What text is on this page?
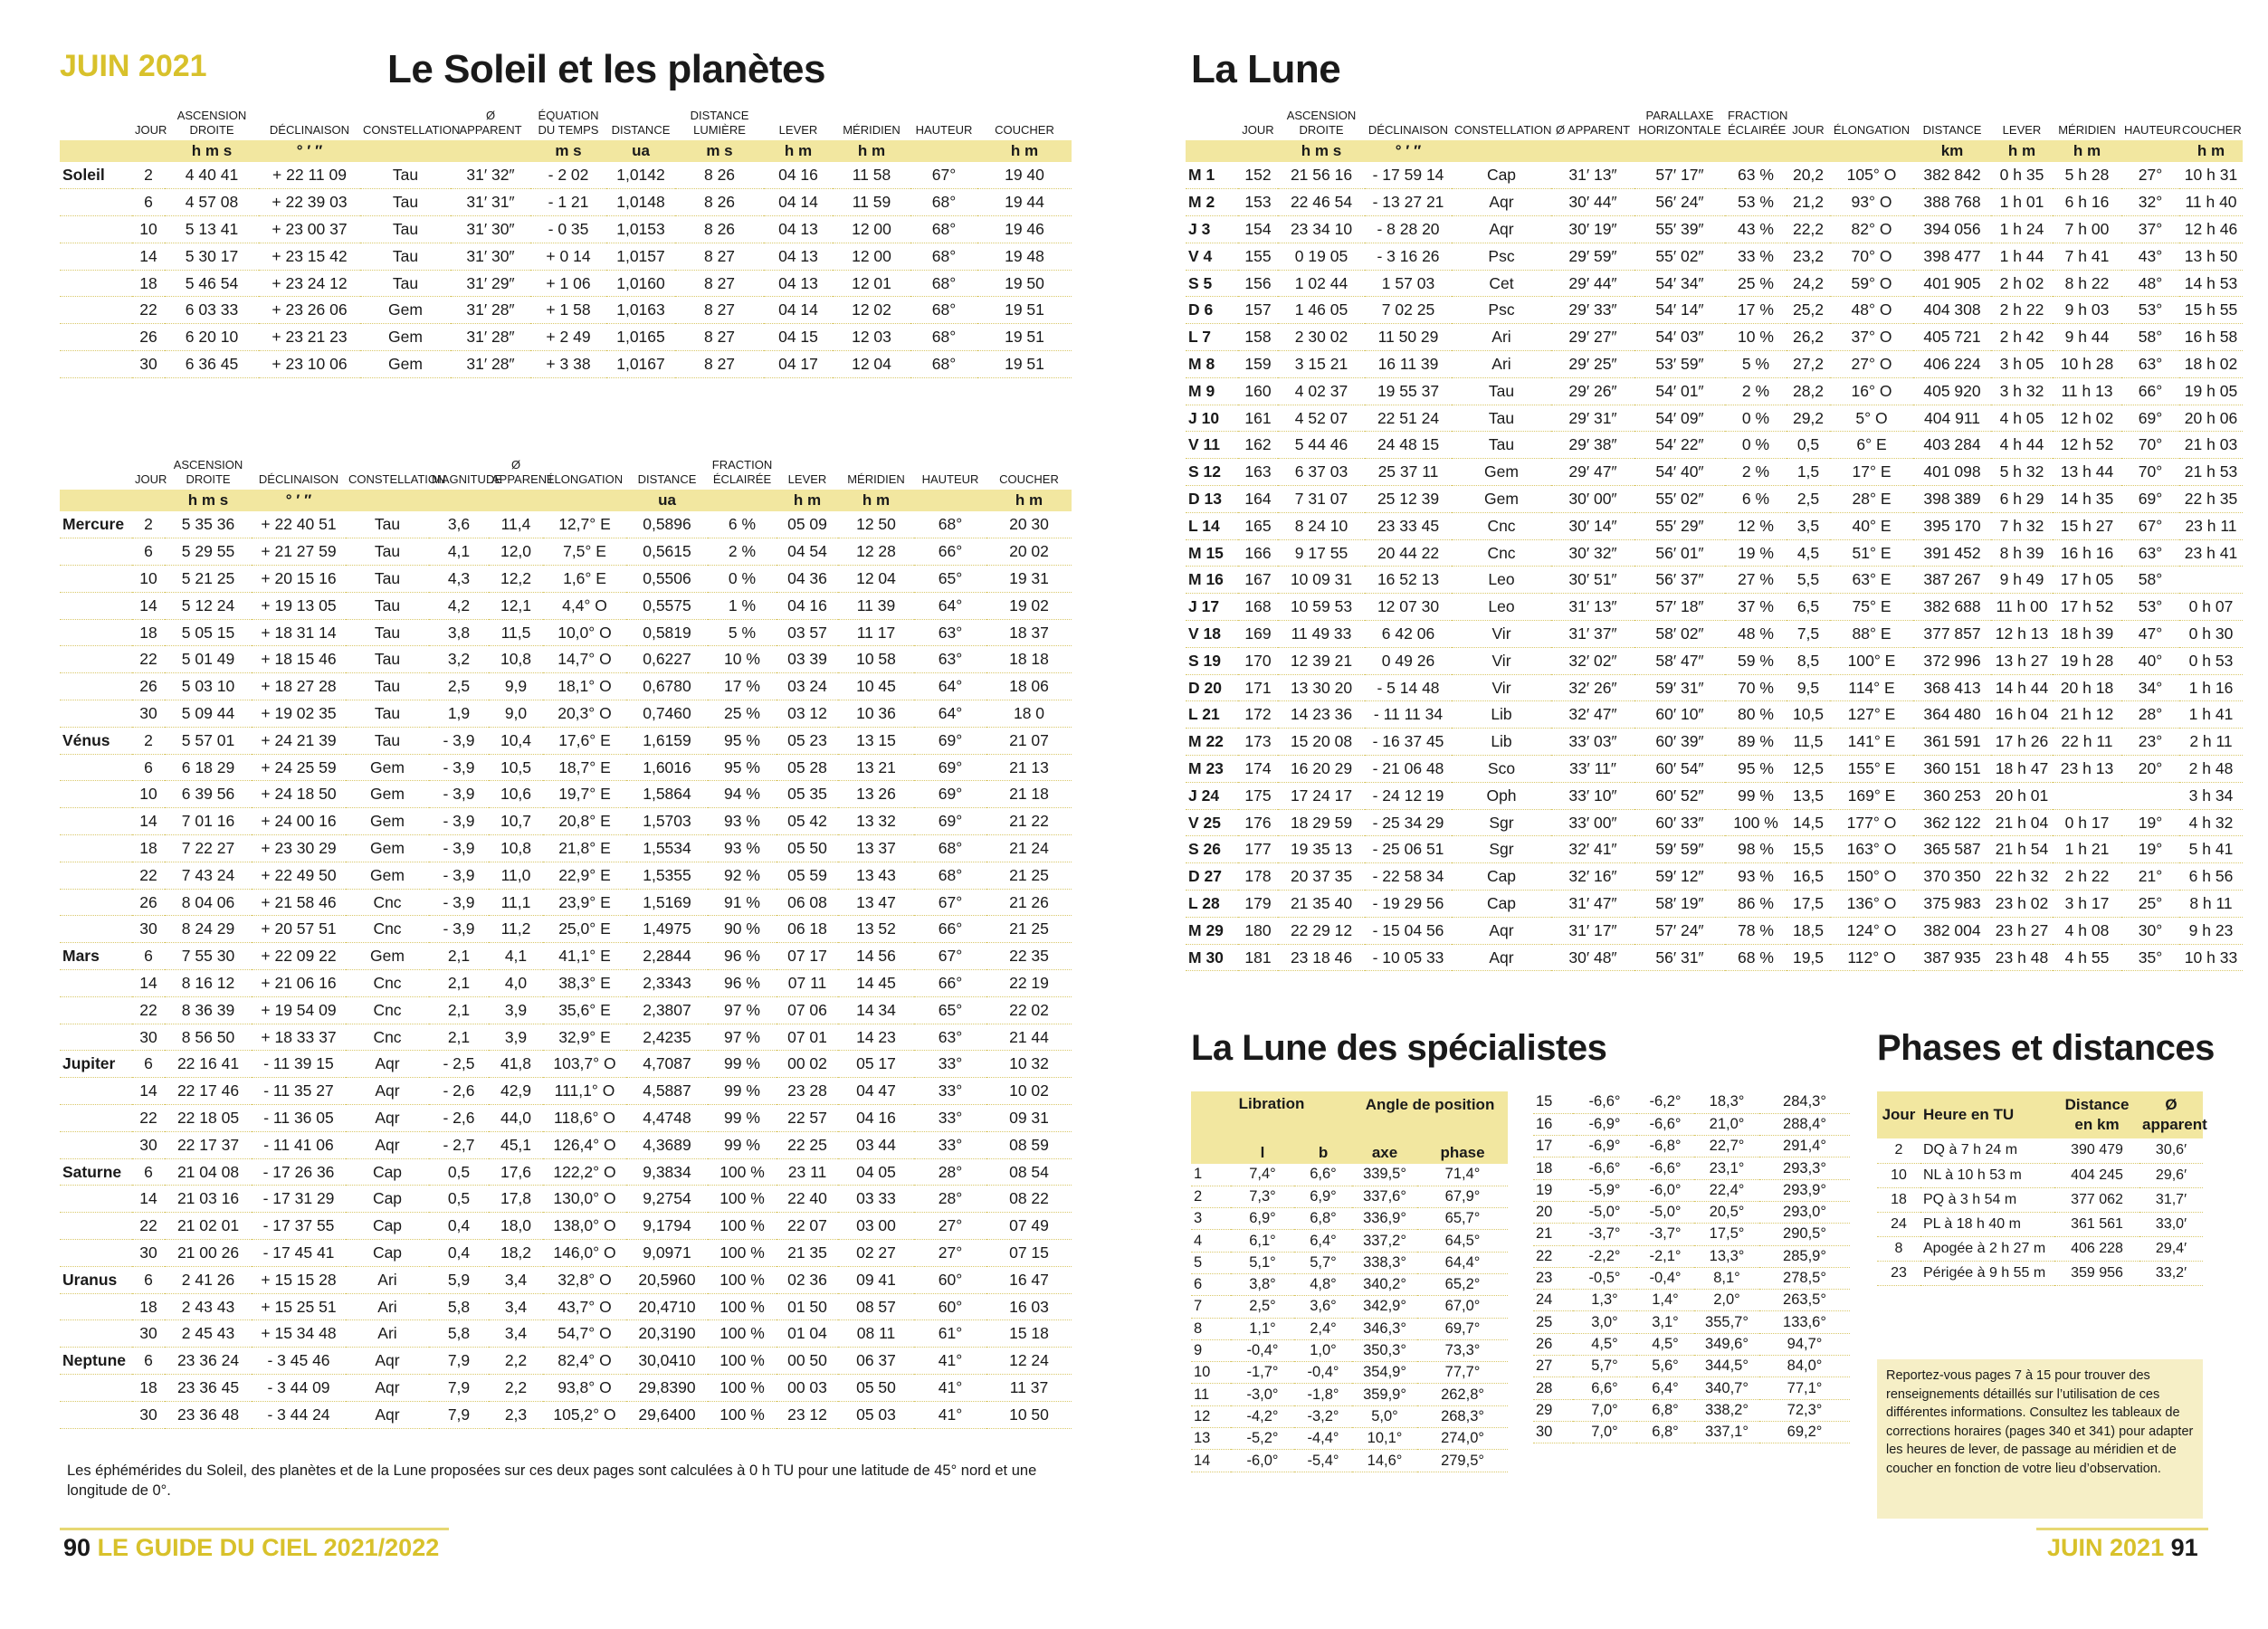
JUIN 2021	Le Soleil et les planètes
	JOUR	ASCENSION DROITE	DÉCLINAISON	CONSTELLATION	Ø APPARENT	ÉQUATION DU TEMPS	DISTANCE	DISTANCE LUMIÈRE	LEVER	MÉRIDIEN	HAUTEUR	COUCHER
		h m s	° ′ ″			m s	ua	m s	h m	h m		h m
Soleil	2	4 40 41	+ 22 11 09	Tau	31′ 32″	- 2 02	1,0142	8 26	04 16	11 58	67°	19 40
	6	4 57 08	+ 22 39 03	Tau	31′ 31″	- 1 21	1,0148	8 26	04 14	11 59	68°	19 44
	10	5 13 41	+ 23 00 37	Tau	31′ 30″	- 0 35	1,0153	8 26	04 13	12 00	68°	19 46
	14	5 30 17	+ 23 15 42	Tau	31′ 30″	+ 0 14	1,0157	8 27	04 13	12 00	68°	19 48
	18	5 46 54	+ 23 24 12	Tau	31′ 29″	+ 1 06	1,0160	8 27	04 13	12 01	68°	19 50
	22	6 03 33	+ 23 26 06	Gem	31′ 28″	+ 1 58	1,0163	8 27	04 14	12 02	68°	19 51
	26	6 20 10	+ 23 21 23	Gem	31′ 28″	+ 2 49	1,0165	8 27	04 15	12 03	68°	19 51
	30	6 36 45	+ 23 10 06	Gem	31′ 28″	+ 3 38	1,0167	8 27	04 17	12 04	68°	19 51
	JOUR	ASCENSION DROITE	DÉCLINAISON	CONSTELLATION	MAGNITUDE	Ø APPARENT	ÉLONGATION	DISTANCE	FRACTION ÉCLAIRÉE	LEVER	MÉRIDIEN	HAUTEUR	COUCHER
		h m s	° ′ ″					ua		h m	h m		h m
Mercure	2	5 35 36	+ 22 40 51	Tau	3,6	11,4	12,7° E	0,5896	6 %	05 09	12 50	68°	20 30
	6	5 29 55	+ 21 27 59	Tau	4,1	12,0	7,5° E	0,5615	2 %	04 54	12 28	66°	20 02
	10	5 21 25	+ 20 15 16	Tau	4,3	12,2	1,6° E	0,5506	0 %	04 36	12 04	65°	19 31
	14	5 12 24	+ 19 13 05	Tau	4,2	12,1	4,4° O	0,5575	1 %	04 16	11 39	64°	19 02
	18	5 05 15	+ 18 31 14	Tau	3,8	11,5	10,0° O	0,5819	5 %	03 57	11 17	63°	18 37
	22	5 01 49	+ 18 15 46	Tau	3,2	10,8	14,7° O	0,6227	10 %	03 39	10 58	63°	18 18
	26	5 03 10	+ 18 27 28	Tau	2,5	9,9	18,1° O	0,6780	17 %	03 24	10 45	64°	18 06
	30	5 09 44	+ 19 02 35	Tau	1,9	9,0	20,3° O	0,7460	25 %	03 12	10 36	64°	18 0
Vénus	2	5 57 01	+ 24 21 39	Tau	- 3,9	10,4	17,6° E	1,6159	95 %	05 23	13 15	69°	21 07
	6	6 18 29	+ 24 25 59	Gem	- 3,9	10,5	18,7° E	1,6016	95 %	05 28	13 21	69°	21 13
	10	6 39 56	+ 24 18 50	Gem	- 3,9	10,6	19,7° E	1,5864	94 %	05 35	13 26	69°	21 18
	14	7 01 16	+ 24 00 16	Gem	- 3,9	10,7	20,8° E	1,5703	93 %	05 42	13 32	69°	21 22
	18	7 22 27	+ 23 30 29	Gem	- 3,9	10,8	21,8° E	1,5534	93 %	05 50	13 37	68°	21 24
	22	7 43 24	+ 22 49 50	Gem	- 3,9	11,0	22,9° E	1,5355	92 %	05 59	13 43	68°	21 25
	26	8 04 06	+ 21 58 46	Cnc	- 3,9	11,1	23,9° E	1,5169	91 %	06 08	13 47	67°	21 26
	30	8 24 29	+ 20 57 51	Cnc	- 3,9	11,2	25,0° E	1,4975	90 %	06 18	13 52	66°	21 25
Mars	6	7 55 30	+ 22 09 22	Gem	2,1	4,1	41,1° E	2,2844	96 %	07 17	14 56	67°	22 35
	14	8 16 12	+ 21 06 16	Cnc	2,1	4,0	38,3° E	2,3343	96 %	07 11	14 45	66°	22 19
	22	8 36 39	+ 19 54 09	Cnc	2,1	3,9	35,6° E	2,3807	97 %	07 06	14 34	65°	22 02
	30	8 56 50	+ 18 33 37	Cnc	2,1	3,9	32,9° E	2,4235	97 %	07 01	14 23	63°	21 44
Jupiter	6	22 16 41	- 11 39 15	Aqr	- 2,5	41,8	103,7° O	4,7087	99 %	00 02	05 17	33°	10 32
	14	22 17 46	- 11 35 27	Aqr	- 2,6	42,9	111,1° O	4,5887	99 %	23 28	04 47	33°	10 02
	22	22 18 05	- 11 36 05	Aqr	- 2,6	44,0	118,6° O	4,4748	99 %	22 57	04 16	33°	09 31
	30	22 17 37	- 11 41 06	Aqr	- 2,7	45,1	126,4° O	4,3689	99 %	22 25	03 44	33°	08 59
Saturne	6	21 04 08	- 17 26 36	Cap	0,5	17,6	122,2° O	9,3834	100 %	23 11	04 05	28°	08 54
	14	21 03 16	- 17 31 29	Cap	0,5	17,8	130,0° O	9,2754	100 %	22 40	03 33	28°	08 22
	22	21 02 01	- 17 37 55	Cap	0,4	18,0	138,0° O	9,1794	100 %	22 07	03 00	27°	07 49
	30	21 00 26	- 17 45 41	Cap	0,4	18,2	146,0° O	9,0971	100 %	21 35	02 27	27°	07 15
Uranus	6	2 41 26	+ 15 15 28	Ari	5,9	3,4	32,8° O	20,5960	100 %	02 36	09 41	60°	16 47
	18	2 43 43	+ 15 25 51	Ari	5,8	3,4	43,7° O	20,4710	100 %	01 50	08 57	60°	16 03
	30	2 45 43	+ 15 34 48	Ari	5,8	3,4	54,7° O	20,3190	100 %	01 04	08 11	61°	15 18
Neptune	6	23 36 24	- 3 45 46	Aqr	7,9	2,2	82,4° O	30,0410	100 %	00 50	06 37	41°	12 24
	18	23 36 45	- 3 44 09	Aqr	7,9	2,2	93,8° O	29,8390	100 %	00 03	05 50	41°	11 37
	30	23 36 48	- 3 44 24	Aqr	7,9	2,3	105,2° O	29,6400	100 %	23 12	05 03	41°	10 50
Les éphémérides du Soleil, des planètes et de la Lune proposées sur ces deux pages sont calculées à 0 h TU pour une latitude de 45° nord et une longitude de 0°.
90 LE GUIDE DU CIEL 2021/2022
La Lune
	JOUR	ASCENSION DROITE	DÉCLINAISON	CONSTELLATION	Ø APPARENT	PARALLAXE HORIZONTALE	FRACTION ÉCLAIRÉE	JOUR	ÉLONGATION	DISTANCE	LEVER	MÉRIDIEN	HAUTEUR	COUCHER
		h m s	° ′ ″							km	h m	h m		h m
M 1	152	21 56 16	- 17 59 14	Cap	31′ 13″	57′ 17″	63 %	20,2	105° O	382 842	0 h 35	5 h 28	27°	10 h 31
M 2	153	22 46 54	- 13 27 21	Aqr	30′ 44″	56′ 24″	53 %	21,2	93° O	388 768	1 h 01	6 h 16	32°	11 h 40
J 3	154	23 34 10	- 8 28 20	Aqr	30′ 19″	55′ 39″	43 %	22,2	82° O	394 056	1 h 24	7 h 00	37°	12 h 46
V 4	155	0 19 05	- 3 16 26	Psc	29′ 59″	55′ 02″	33 %	23,2	70° O	398 477	1 h 44	7 h 41	43°	13 h 50
S 5	156	1 02 44	1 57 03	Cet	29′ 44″	54′ 34″	25 %	24,2	59° O	401 905	2 h 02	8 h 22	48°	14 h 53
D 6	157	1 46 05	7 02 25	Psc	29′ 33″	54′ 14″	17 %	25,2	48° O	404 308	2 h 22	9 h 03	53°	15 h 55
L 7	158	2 30 02	11 50 29	Ari	29′ 27″	54′ 03″	10 %	26,2	37° O	405 721	2 h 42	9 h 44	58°	16 h 58
M 8	159	3 15 21	16 11 39	Ari	29′ 25″	53′ 59″	5 %	27,2	27° O	406 224	3 h 05	10 h 28	63°	18 h 02
M 9	160	4 02 37	19 55 37	Tau	29′ 26″	54′ 01″	2 %	28,2	16° O	405 920	3 h 32	11 h 13	66°	19 h 05
J 10	161	4 52 07	22 51 24	Tau	29′ 31″	54′ 09″	0 %	29,2	5° O	404 911	4 h 05	12 h 02	69°	20 h 06
V 11	162	5 44 46	24 48 15	Tau	29′ 38″	54′ 22″	0 %	0,5	6° E	403 284	4 h 44	12 h 52	70°	21 h 03
S 12	163	6 37 03	25 37 11	Gem	29′ 47″	54′ 40″	2 %	1,5	17° E	401 098	5 h 32	13 h 44	70°	21 h 53
D 13	164	7 31 07	25 12 39	Gem	30′ 00″	55′ 02″	6 %	2,5	28° E	398 389	6 h 29	14 h 35	69°	22 h 35
L 14	165	8 24 10	23 33 45	Cnc	30′ 14″	55′ 29″	12 %	3,5	40° E	395 170	7 h 32	15 h 27	67°	23 h 11
M 15	166	9 17 55	20 44 22	Cnc	30′ 32″	56′ 01″	19 %	4,5	51° E	391 452	8 h 39	16 h 16	63°	23 h 41
M 16	167	10 09 31	16 52 13	Leo	30′ 51″	56′ 37″	27 %	5,5	63° E	387 267	9 h 49	17 h 05	58°	
J 17	168	10 59 53	12 07 30	Leo	31′ 13″	57′ 18″	37 %	6,5	75° E	382 688	11 h 00	17 h 52	53°	0 h 07
V 18	169	11 49 33	6 42 06	Vir	31′ 37″	58′ 02″	48 %	7,5	88° E	377 857	12 h 13	18 h 39	47°	0 h 30
S 19	170	12 39 21	0 49 26	Vir	32′ 02″	58′ 47″	59 %	8,5	100° E	372 996	13 h 27	19 h 28	40°	0 h 53
D 20	171	13 30 20	- 5 14 48	Vir	32′ 26″	59′ 31″	70 %	9,5	114° E	368 413	14 h 44	20 h 18	34°	1 h 16
L 21	172	14 23 36	- 11 11 34	Lib	32′ 47″	60′ 10″	80 %	10,5	127° E	364 480	16 h 04	21 h 12	28°	1 h 41
M 22	173	15 20 08	- 16 37 45	Lib	33′ 03″	60′ 39″	89 %	11,5	141° E	361 591	17 h 26	22 h 11	23°	2 h 11
M 23	174	16 20 29	- 21 06 48	Sco	33′ 11″	60′ 54″	95 %	12,5	155° E	360 151	18 h 47	23 h 13	20°	2 h 48
J 24	175	17 24 17	- 24 12 19	Oph	33′ 10″	60′ 52″	99 %	13,5	169° E	360 253	20 h 01			3 h 34
V 25	176	18 29 59	- 25 34 29	Sgr	33′ 00″	60′ 33″	100 %	14,5	177° O	362 122	21 h 04	0 h 17	19°	4 h 32
S 26	177	19 35 13	- 25 06 51	Sgr	32′ 41″	59′ 59″	98 %	15,5	163° O	365 587	21 h 54	1 h 21	19°	5 h 41
D 27	178	20 37 35	- 22 58 34	Cap	32′ 16″	59′ 12″	93 %	16,5	150° O	370 350	22 h 32	2 h 22	21°	6 h 56
L 28	179	21 35 40	- 19 29 56	Cap	31′ 47″	58′ 19″	86 %	17,5	136° O	375 983	23 h 02	3 h 17	25°	8 h 11
M 29	180	22 29 12	- 15 04 56	Aqr	31′ 17″	57′ 24″	78 %	18,5	124° O	382 004	23 h 27	4 h 08	30°	9 h 23
M 30	181	23 18 46	- 10 05 33	Aqr	30′ 48″	56′ 31″	68 %	19,5	112° O	387 935	23 h 48	4 h 55	35°	10 h 33
La Lune des spécialistes
Libration			Angle de position	
	l	b	axe	phase
1	7,4°	6,6°	339,5°	71,4°
2	7,3°	6,9°	337,6°	67,9°
3	6,9°	6,8°	336,9°	65,7°
4	6,1°	6,4°	337,2°	64,5°
5	5,1°	5,7°	338,3°	64,4°
6	3,8°	4,8°	340,2°	65,2°
7	2,5°	3,6°	342,9°	67,0°
8	1,1°	2,4°	346,3°	69,7°
9	-0,4°	1,0°	350,3°	73,3°
10	-1,7°	-0,4°	354,9°	77,7°
11	-3,0°	-1,8°	359,9°	262,8°
12	-4,2°	-3,2°	5,0°	268,3°
13	-5,2°	-4,4°	10,1°	274,0°
14	-6,0°	-5,4°	14,6°	279,5°
15	-6,6°	-6,2°	18,3°	284,3°
16	-6,9°	-6,6°	21,0°	288,4°
17	-6,9°	-6,8°	22,7°	291,4°
18	-6,6°	-6,6°	23,1°	293,3°
19	-5,9°	-6,0°	22,4°	293,9°
20	-5,0°	-5,0°	20,5°	293,0°
21	-3,7°	-3,7°	17,5°	290,5°
22	-2,2°	-2,1°	13,3°	285,9°
23	-0,5°	-0,4°	8,1°	278,5°
24	1,3°	1,4°	2,0°	263,5°
25	3,0°	3,1°	355,7°	133,6°
26	4,5°	4,5°	349,6°	94,7°
27	5,7°	5,6°	344,5°	84,0°
28	6,6°	6,4°	340,7°	77,1°
29	7,0°	6,8°	338,2°	72,3°
30	7,0°	6,8°	337,1°	69,2°
Phases et distances
Jour	Heure en TU	Distance en km	Ø apparent
2	DQ à 7 h 24 m	390 479	30,6′
10	NL à 10 h 53 m	404 245	29,6′
18	PQ à 3 h 54 m	377 062	31,7′
24	PL à 18 h 40 m	361 561	33,0′
8	Apogée à 2 h 27 m	406 228	29,4′
23	Périgée à 9 h 55 m	359 956	33,2′
Reportez-vous pages 7 à 15 pour trouver des renseignements détaillés sur l’utilisation de ces différentes informations. Consultez les tableaux de corrections horaires (pages 340 et 341) pour adapter les heures de lever, de passage au méridien et de coucher en fonction de votre lieu d’observation.
JUIN 2021 91
